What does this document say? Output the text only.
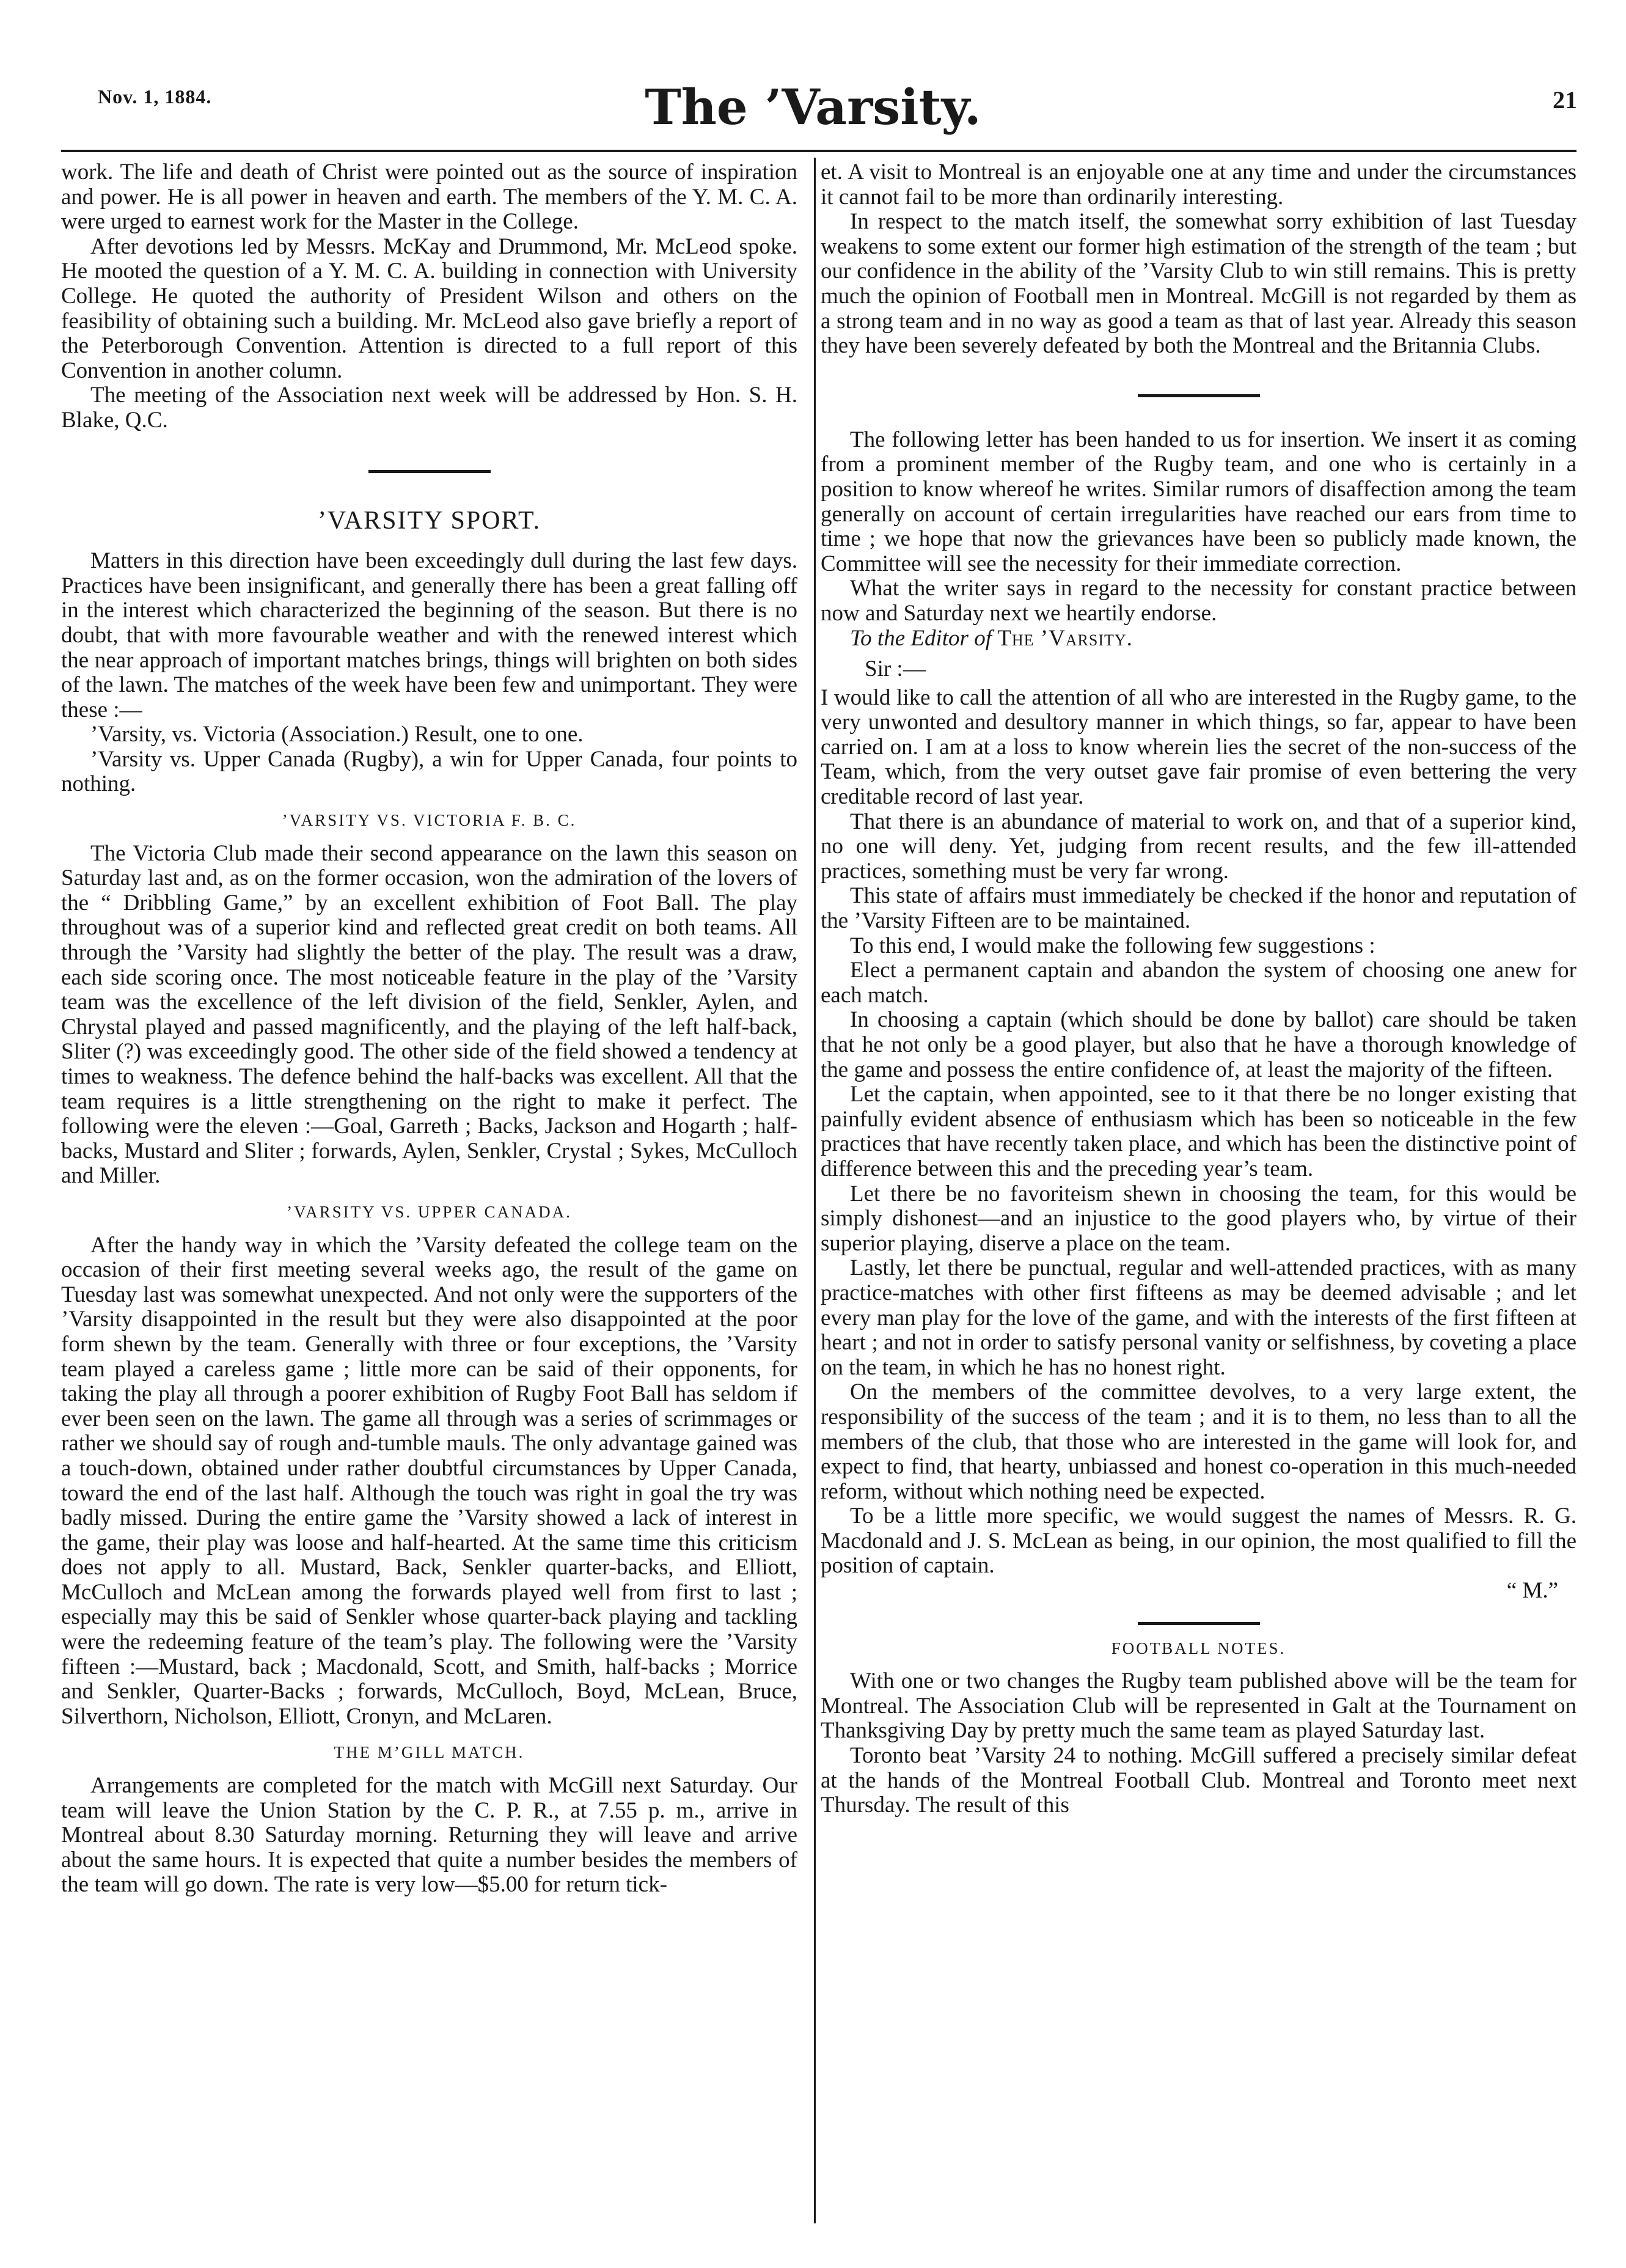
Nov. 1, 1884.	The ’Varsity.	21

work. The life and death of Christ were pointed out as the source of inspiration and power. He is all power in heaven and earth. The members of the Y. M. C. A. were urged to earnest work for the Master in the College.

After devotions led by Messrs. McKay and Drummond, Mr. McLeod spoke. He mooted the question of a Y. M. C. A. building in connection with University College. He quoted the authority of President Wilson and others on the feasibility of obtaining such a building. Mr. McLeod also gave briefly a report of the Peterborough Convention. Attention is directed to a full report of this Convention in another column.

The meeting of the Association next week will be addressed by Hon. S. H. Blake, Q.C.

’VARSITY SPORT.

Matters in this direction have been exceedingly dull during the last few days. Practices have been insignificant, and generally there has been a great falling off in the interest which characterized the beginning of the season. But there is no doubt, that with more favourable weather and with the renewed interest which the near approach of important matches brings, things will brighten on both sides of the lawn. The matches of the week have been few and unimportant. They were these :—

’Varsity, vs. Victoria (Association.) Result, one to one.

’Varsity vs. Upper Canada (Rugby), a win for Upper Canada, four points to nothing.

’VARSITY VS. VICTORIA F. B. C.

The Victoria Club made their second appearance on the lawn this season on Saturday last and, as on the former occasion, won the admiration of the lovers of the “ Dribbling Game,” by an excellent exhibition of Foot Ball. The play throughout was of a superior kind and reflected great credit on both teams. All through the ’Varsity had slightly the better of the play. The result was a draw, each side scoring once. The most noticeable feature in the play of the ’Varsity team was the excellence of the left division of the field, Senkler, Aylen, and Chrystal played and passed magnificently, and the playing of the left half-back, Sliter (?) was exceedingly good. The other side of the field showed a tendency at times to weakness. The defence behind the half-backs was excellent. All that the team requires is a little strengthening on the right to make it perfect. The following were the eleven :—Goal, Garreth ; Backs, Jackson and Hogarth ; half-backs, Mustard and Sliter ; forwards, Aylen, Senkler, Crystal ; Sykes, McCulloch and Miller.

’VARSITY VS. UPPER CANADA.

After the handy way in which the ’Varsity defeated the college team on the occasion of their first meeting several weeks ago, the result of the game on Tuesday last was somewhat unexpected. And not only were the supporters of the ’Varsity disappointed in the result but they were also disappointed at the poor form shewn by the team. Generally with three or four exceptions, the ’Varsity team played a careless game ; little more can be said of their opponents, for taking the play all through a poorer exhibition of Rugby Foot Ball has seldom if ever been seen on the lawn. The game all through was a series of scrimmages or rather we should say of rough and-tumble mauls. The only advantage gained was a touch-down, obtained under rather doubtful circumstances by Upper Canada, toward the end of the last half. Although the touch was right in goal the try was badly missed. During the entire game the ’Varsity showed a lack of interest in the game, their play was loose and half-hearted. At the same time this criticism does not apply to all. Mustard, Back, Senkler quarter-backs, and Elliott, McCulloch and McLean among the forwards played well from first to last ; especially may this be said of Senkler whose quarter-back playing and tackling were the redeeming feature of the team’s play. The following were the ’Varsity fifteen :—Mustard, back ; Macdonald, Scott, and Smith, half-backs ; Morrice and Senkler, Quarter-Backs ; forwards, McCulloch, Boyd, McLean, Bruce, Silverthorn, Nicholson, Elliott, Cronyn, and McLaren.

THE M’GILL MATCH.

Arrangements are completed for the match with McGill next Saturday. Our team will leave the Union Station by the C. P. R., at 7.55 p. m., arrive in Montreal about 8.30 Saturday morning. Returning they will leave and arrive about the same hours. It is expected that quite a number besides the members of the team will go down. The rate is very low—$5.00 for return tick-

et. A visit to Montreal is an enjoyable one at any time and under the circumstances it cannot fail to be more than ordinarily interesting.

In respect to the match itself, the somewhat sorry exhibition of last Tuesday weakens to some extent our former high estimation of the strength of the team ; but our confidence in the ability of the ’Varsity Club to win still remains. This is pretty much the opinion of Football men in Montreal. McGill is not regarded by them as a strong team and in no way as good a team as that of last year. Already this season they have been severely defeated by both the Montreal and the Britannia Clubs.

The following letter has been handed to us for insertion. We insert it as coming from a prominent member of the Rugby team, and one who is certainly in a position to know whereof he writes. Similar rumors of disaffection among the team generally on account of certain irregularities have reached our ears from time to time ; we hope that now the grievances have been so publicly made known, the Committee will see the necessity for their immediate correction.

What the writer says in regard to the necessity for constant practice between now and Saturday next we heartily endorse.

To the Editor of The ’Varsity.

Sir :—

I would like to call the attention of all who are interested in the Rugby game, to the very unwonted and desultory manner in which things, so far, appear to have been carried on. I am at a loss to know wherein lies the secret of the non-success of the Team, which, from the very outset gave fair promise of even bettering the very creditable record of last year.

That there is an abundance of material to work on, and that of a superior kind, no one will deny. Yet, judging from recent results, and the few ill-attended practices, something must be very far wrong.

This state of affairs must immediately be checked if the honor and reputation of the ’Varsity Fifteen are to be maintained.

To this end, I would make the following few suggestions :

Elect a permanent captain and abandon the system of choosing one anew for each match.

In choosing a captain (which should be done by ballot) care should be taken that he not only be a good player, but also that he have a thorough knowledge of the game and possess the entire confidence of, at least the majority of the fifteen.

Let the captain, when appointed, see to it that there be no longer existing that painfully evident absence of enthusiasm which has been so noticeable in the few practices that have recently taken place, and which has been the distinctive point of difference between this and the preceding year’s team.

Let there be no favoriteism shewn in choosing the team, for this would be simply dishonest—and an injustice to the good players who, by virtue of their superior playing, diserve a place on the team.

Lastly, let there be punctual, regular and well-attended practices, with as many practice-matches with other first fifteens as may be deemed advisable ; and let every man play for the love of the game, and with the interests of the first fifteen at heart ; and not in order to satisfy personal vanity or selfishness, by coveting a place on the team, in which he has no honest right.

On the members of the committee devolves, to a very large extent, the responsibility of the success of the team ; and it is to them, no less than to all the members of the club, that those who are interested in the game will look for, and expect to find, that hearty, unbiassed and honest co-operation in this much-needed reform, without which nothing need be expected.

To be a little more specific, we would suggest the names of Messrs. R. G. Macdonald and J. S. McLean as being, in our opinion, the most qualified to fill the position of captain.

“ M.”

FOOTBALL NOTES.

With one or two changes the Rugby team published above will be the team for Montreal. The Association Club will be represented in Galt at the Tournament on Thanksgiving Day by pretty much the same team as played Saturday last.

Toronto beat ’Varsity 24 to nothing. McGill suffered a precisely similar defeat at the hands of the Montreal Football Club. Montreal and Toronto meet next Thursday. The result of this
